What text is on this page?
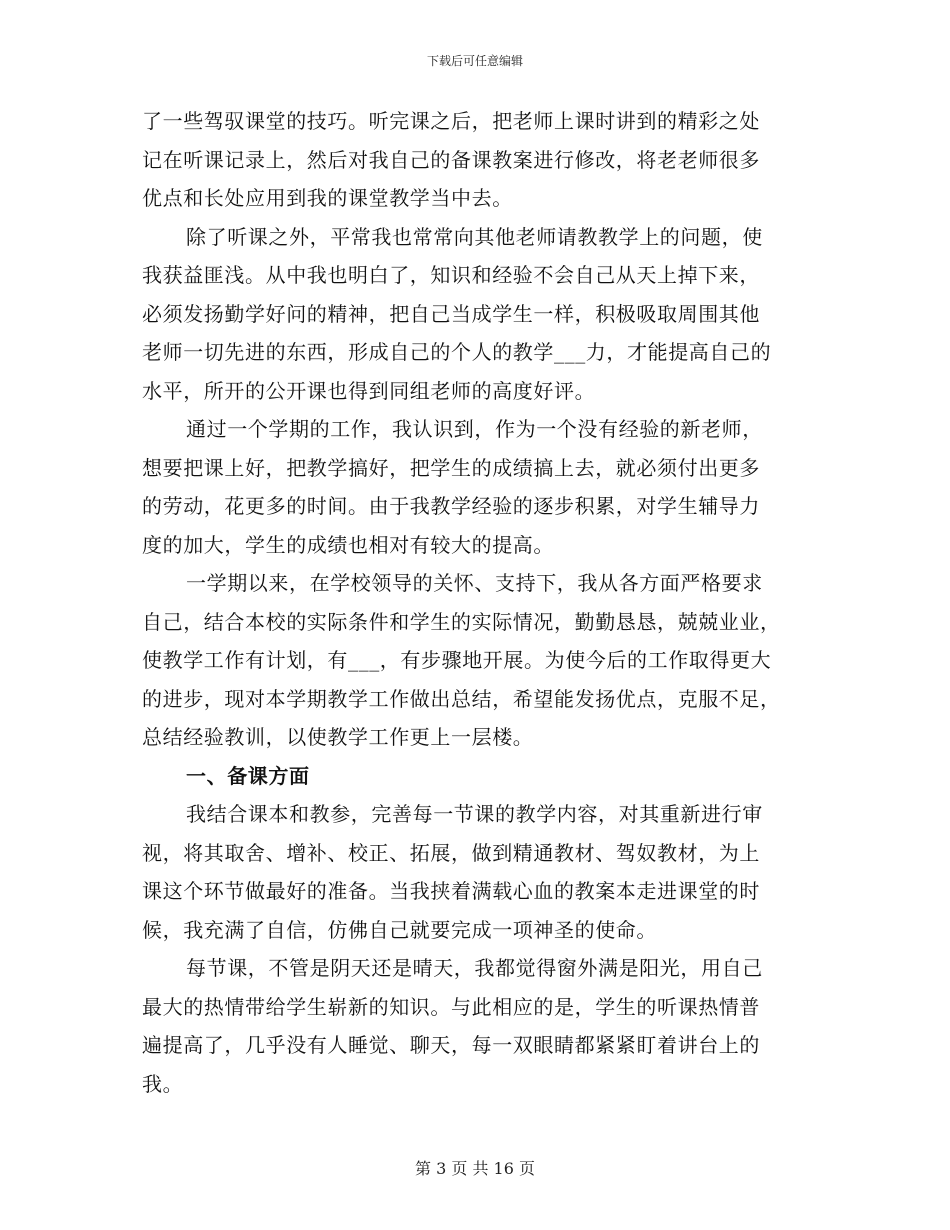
下载后可任意编辑
了一些驾驭课堂的技巧。听完课之后，把老师上课时讲到的精彩之处
记在听课记录上，然后对我自己的备课教案进行修改，将老老师很多
优点和长处应用到我的课堂教学当中去。
除了听课之外，平常我也常常向其他老师请教教学上的问题，使
我获益匪浅。从中我也明白了，知识和经验不会自己从天上掉下来，
必须发扬勤学好问的精神，把自己当成学生一样，积极吸取周围其他
老师一切先进的东西，形成自己的个人的教学___力，才能提高自己的
水平，所开的公开课也得到同组老师的高度好评。
通过一个学期的工作，我认识到，作为一个没有经验的新老师，
想要把课上好，把教学搞好，把学生的成绩搞上去，就必须付出更多
的劳动，花更多的时间。由于我教学经验的逐步积累，对学生辅导力
度的加大，学生的成绩也相对有较大的提高。
一学期以来，在学校领导的关怀、支持下，我从各方面严格要求
自己，结合本校的实际条件和学生的实际情况，勤勤恳恳，兢兢业业，
使教学工作有计划，有___，有步骤地开展。为使今后的工作取得更大
的进步，现对本学期教学工作做出总结，希望能发扬优点，克服不足，
总结经验教训，以使教学工作更上一层楼。
一、备课方面
我结合课本和教参，完善每一节课的教学内容，对其重新进行审
视，将其取舍、增补、校正、拓展，做到精通教材、驾奴教材，为上
课这个环节做最好的准备。当我挟着满载心血的教案本走进课堂的时
候，我充满了自信，仿佛自己就要完成一项神圣的使命。
每节课，不管是阴天还是晴天，我都觉得窗外满是阳光，用自己
最大的热情带给学生崭新的知识。与此相应的是，学生的听课热情普
遍提高了，几乎没有人睡觉、聊天，每一双眼睛都紧紧盯着讲台上的
我。
第 3 页 共 16 页
